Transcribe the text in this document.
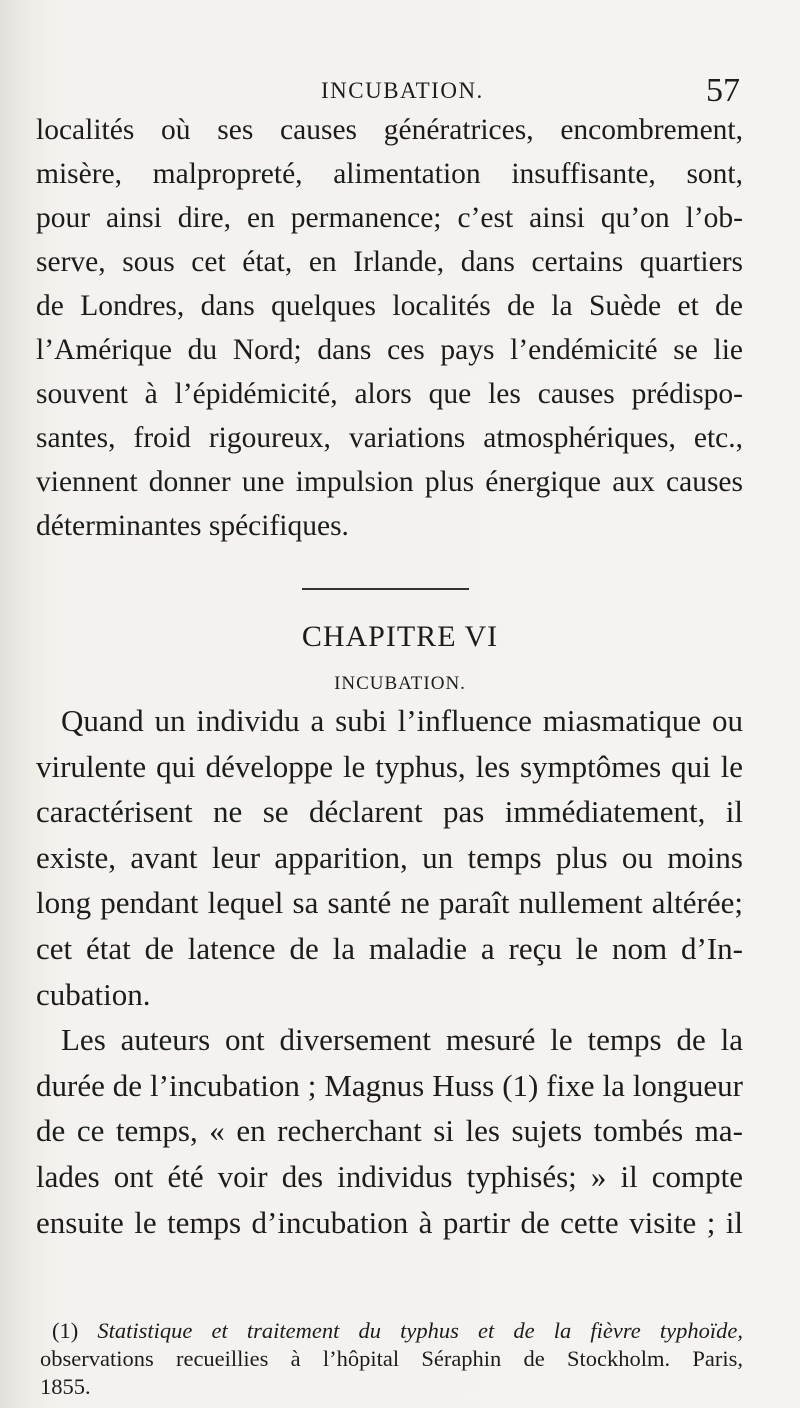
INCUBATION.	57
localités où ses causes génératrices, encombrement,
misère, malpropreté, alimentation insuffisante, sont,
pour ainsi dire, en permanence; c’est ainsi qu’on l’ob-
serve, sous cet état, en Irlande, dans certains quartiers
de Londres, dans quelques localités de la Suède et de
l’Amérique du Nord; dans ces pays l’endémicité se lie
souvent à l’épidémicité, alors que les causes prédispo-
santes, froid rigoureux, variations atmosphériques, etc.,
viennent donner une impulsion plus énergique aux causes
déterminantes spécifiques.
CHAPITRE VI
INCUBATION.
Quand un individu a subi l’influence miasmatique ou
virulente qui développe le typhus, les symptômes qui le
caractérisent ne se déclarent pas immédiatement, il
existe, avant leur apparition, un temps plus ou moins
long pendant lequel sa santé ne paraît nullement altérée;
cet état de latence de la maladie a reçu le nom d’In-
cubation.
Les auteurs ont diversement mesuré le temps de la
durée de l’incubation ; Magnus Huss (1) fixe la longueur
de ce temps, « en recherchant si les sujets tombés ma-
lades ont été voir des individus typhisés; » il compte
ensuite le temps d’incubation à partir de cette visite ; il
(1) Statistique et traitement du typhus et de la fièvre typhoïde,
observations recueillies à l’hôpital Séraphin de Stockholm. Paris,
1855.
